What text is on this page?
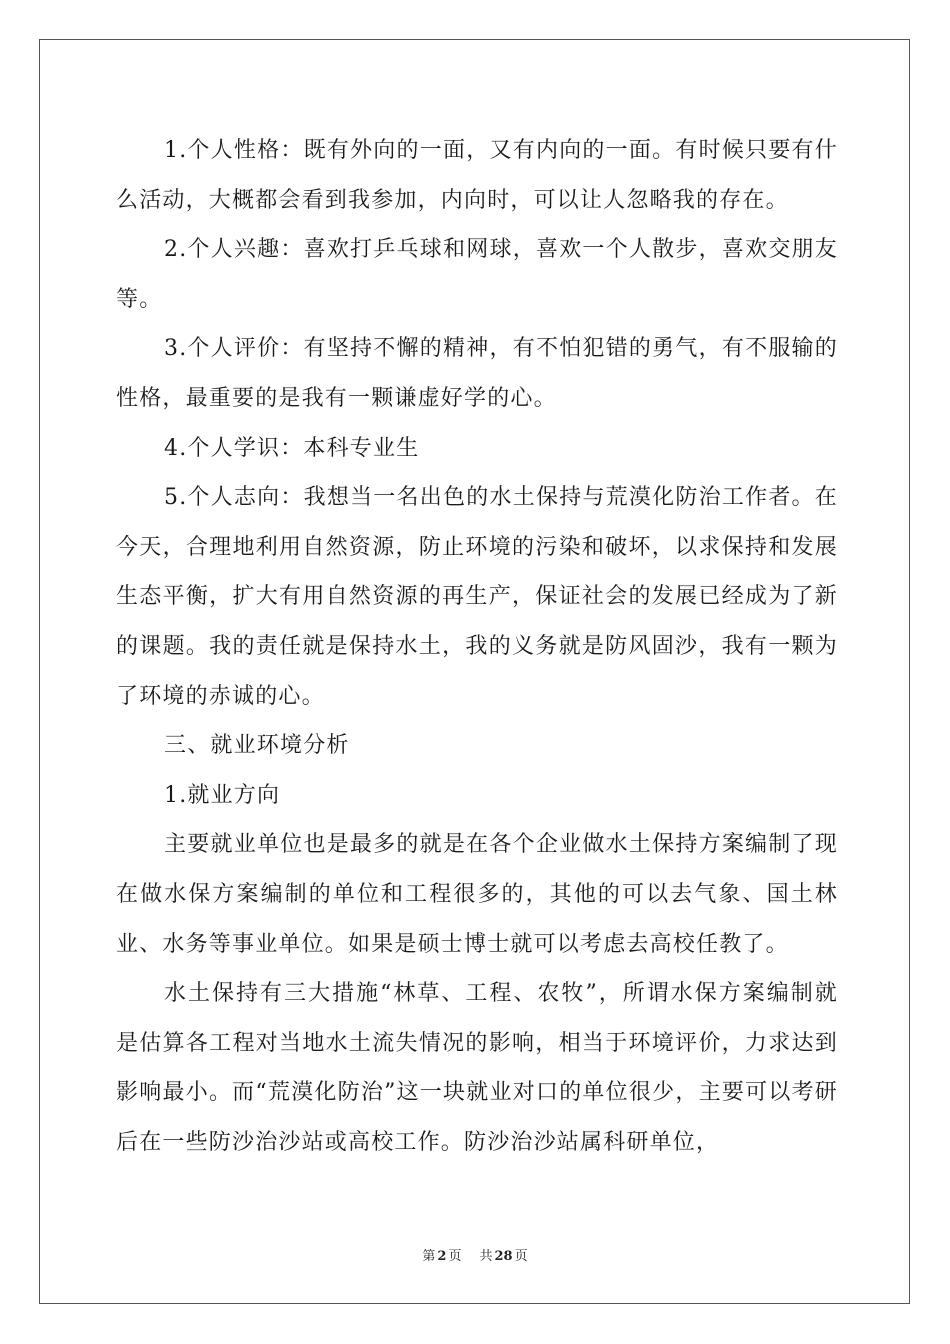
1.个人性格：既有外向的一面，又有内向的一面。有时候只要有什么活动，大概都会看到我参加，内向时，可以让人忽略我的存在。

2.个人兴趣：喜欢打乒乓球和网球，喜欢一个人散步，喜欢交朋友等。

3.个人评价：有坚持不懈的精神，有不怕犯错的勇气，有不服输的性格，最重要的是我有一颗谦虚好学的心。

4.个人学识：本科专业生

5.个人志向：我想当一名出色的水土保持与荒漠化防治工作者。在今天，合理地利用自然资源，防止环境的污染和破坏，以求保持和发展生态平衡，扩大有用自然资源的再生产，保证社会的发展已经成为了新的课题。我的责任就是保持水土，我的义务就是防风固沙，我有一颗为了环境的赤诚的心。

三、就业环境分析

1.就业方向

主要就业单位也是最多的就是在各个企业做水土保持方案编制了现在做水保方案编制的单位和工程很多的，其他的可以去气象、国土林业、水务等事业单位。如果是硕士博士就可以考虑去高校任教了。

水土保持有三大措施“林草、工程、农牧”，所谓水保方案编制就是估算各工程对当地水土流失情况的影响，相当于环境评价，力求达到影响最小。而“荒漠化防治”这一块就业对口的单位很少，主要可以考研后在一些防沙治沙站或高校工作。防沙治沙站属科研单位，

第 2 页 共 28 页
